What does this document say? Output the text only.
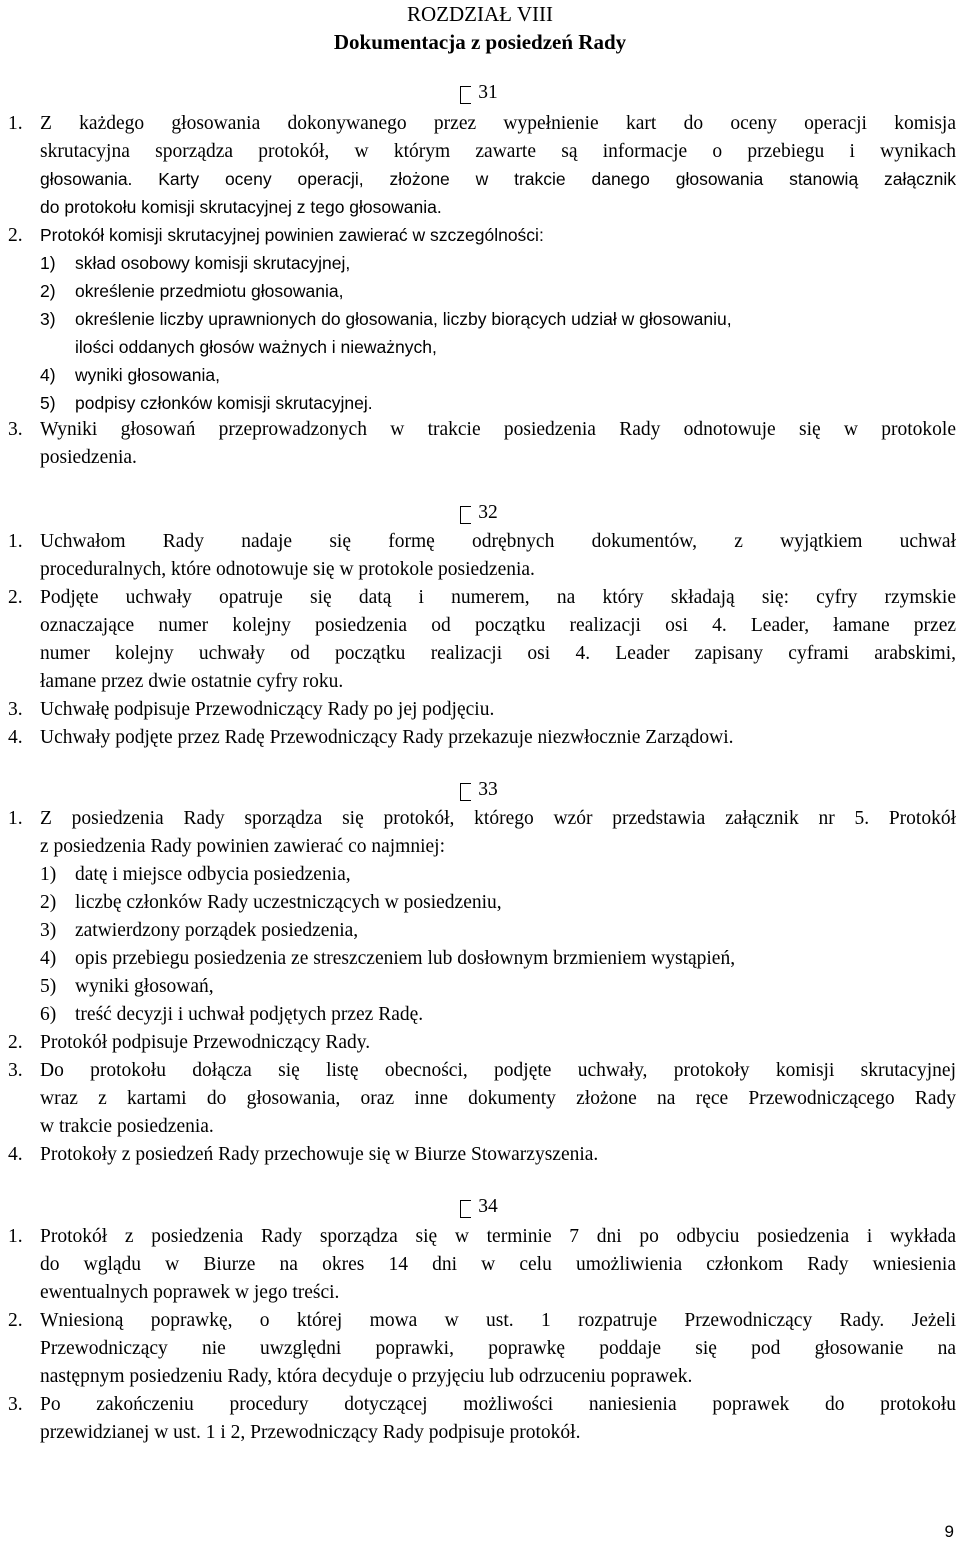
ROZDZIAŁ VIII
Dokumentacja z posiedzeń Rady
31
1. Z każdego głosowania dokonywanego przez wypełnienie kart do oceny operacji komisja
skrutacyjna sporządza protokół, w którym zawarte są informacje o przebiegu i wynikach
głosowania. Karty oceny operacji, złożone w trakcie danego głosowania stanowią załącznik
do protokołu komisji skrutacyjnej z tego głosowania.
2. Protokół komisji skrutacyjnej powinien zawierać w szczególności:
1) skład osobowy komisji skrutacyjnej,
2) określenie przedmiotu głosowania,
3) określenie liczby uprawnionych do głosowania, liczby biorących udział w głosowaniu,
ilości oddanych głosów ważnych i nieważnych,
4) wyniki głosowania,
5) podpisy członków komisji skrutacyjnej.
3. Wyniki głosowań przeprowadzonych w trakcie posiedzenia Rady odnotowuje się w protokole
posiedzenia.
32
1. Uchwałom Rady nadaje się formę odrębnych dokumentów, z wyjątkiem uchwał
proceduralnych, które odnotowuje się w protokole posiedzenia.
2. Podjęte uchwały opatruje się datą i numerem, na który składają się: cyfry rzymskie
oznaczające numer kolejny posiedzenia od początku realizacji osi 4. Leader, łamane przez
numer kolejny uchwały od początku realizacji osi 4. Leader zapisany cyframi arabskimi,
łamane przez dwie ostatnie cyfry roku.
3. Uchwałę podpisuje Przewodniczący Rady po jej podjęciu.
4. Uchwały podjęte przez Radę Przewodniczący Rady przekazuje niezwłocznie Zarządowi.
33
1. Z posiedzenia Rady sporządza się protokół, którego wzór przedstawia załącznik nr 5. Protokół
z posiedzenia Rady powinien zawierać co najmniej:
1) datę i miejsce odbycia posiedzenia,
2) liczbę członków Rady uczestniczących w posiedzeniu,
3) zatwierdzony porządek posiedzenia,
4) opis przebiegu posiedzenia ze streszczeniem lub dosłownym brzmieniem wystąpień,
5) wyniki głosowań,
6) treść decyzji i uchwał podjętych przez Radę.
2. Protokół podpisuje Przewodniczący Rady.
3. Do protokołu dołącza się listę obecności, podjęte uchwały, protokoły komisji skrutacyjnej
wraz z kartami do głosowania, oraz inne dokumenty złożone na ręce Przewodniczącego Rady
w trakcie posiedzenia.
4. Protokoły z posiedzeń Rady przechowuje się w Biurze Stowarzyszenia.
34
1. Protokół z posiedzenia Rady sporządza się w terminie 7 dni po odbyciu posiedzenia i wykłada
do wglądu w Biurze na okres 14 dni w celu umożliwienia członkom Rady wniesienia
ewentualnych poprawek w jego treści.
2. Wniesioną poprawkę, o której mowa w ust. 1 rozpatruje Przewodniczący Rady. Jeżeli
Przewodniczący nie uwzględni poprawki, poprawkę poddaje się pod głosowanie na
następnym posiedzeniu Rady, która decyduje o przyjęciu lub odrzuceniu poprawek.
3. Po zakończeniu procedury dotyczącej możliwości naniesienia poprawek do protokołu
przewidzianej w ust. 1 i 2, Przewodniczący Rady podpisuje protokół.
9
